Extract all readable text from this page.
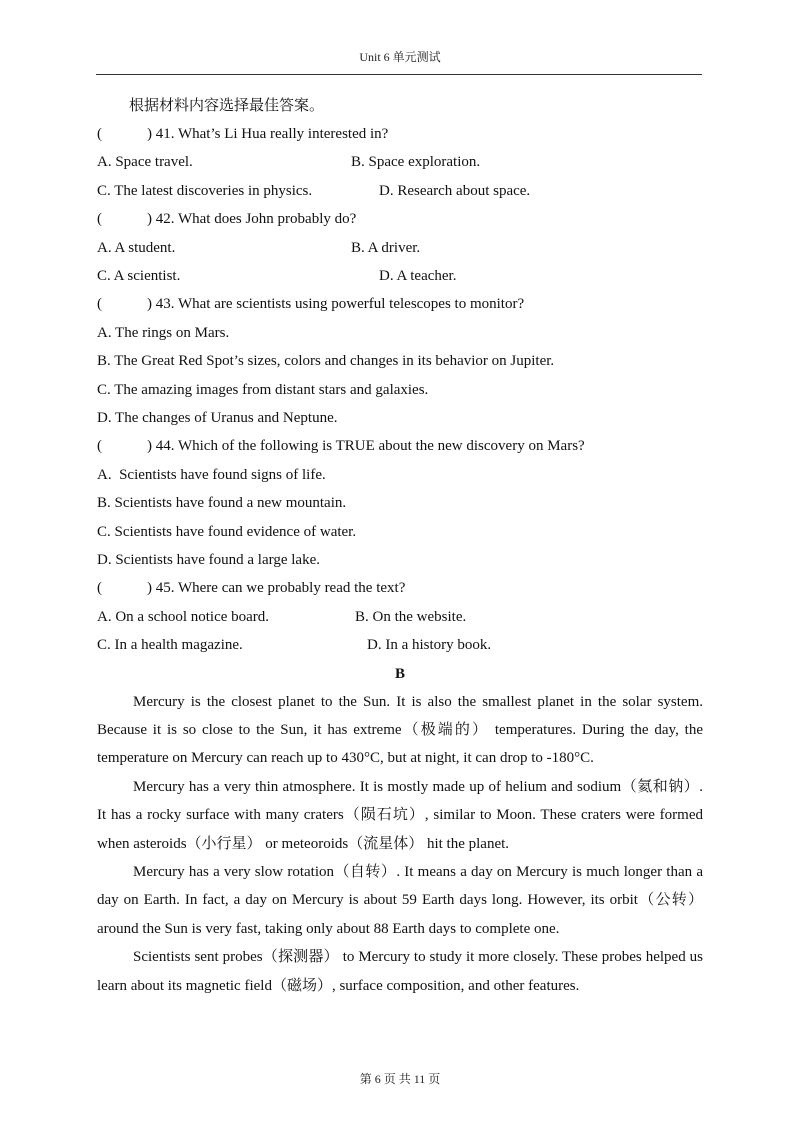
Unit 6 单元测试
根据材料内容选择最佳答案。
(            ) 41. What’s Li Hua really interested in?
A. Space travel.	B. Space exploration.
C. The latest discoveries in physics.	D. Research about space.
(            ) 42. What does John probably do?
A. A student.	B. A driver.
C. A scientist.	D. A teacher.
(            ) 43. What are scientists using powerful telescopes to monitor?
A. The rings on Mars.
B. The Great Red Spot’s sizes, colors and changes in its behavior on Jupiter.
C. The amazing images from distant stars and galaxies.
D. The changes of Uranus and Neptune.
(            ) 44. Which of the following is TRUE about the new discovery on Mars?
A.  Scientists have found signs of life.
B. Scientists have found a new mountain.
C. Scientists have found evidence of water.
D. Scientists have found a large lake.
(            ) 45. Where can we probably read the text?
A. On a school notice board.	B. On the website.
C. In a health magazine.	D. In a history book.
B

Mercury is the closest planet to the Sun. It is also the smallest planet in the solar system. Because it is so close to the Sun, it has extreme（极端的） temperatures. During the day, the temperature on Mercury can reach up to 430°C, but at night, it can drop to -180°C.

Mercury has a very thin atmosphere. It is mostly made up of helium and sodium（氦和钠）. It has a rocky surface with many craters（陨石坑）, similar to Moon. These craters were formed when asteroids（小行星） or meteoroids（流星体） hit the planet.

Mercury has a very slow rotation（自转）. It means a day on Mercury is much longer than a day on Earth. In fact, a day on Mercury is about 59 Earth days long. However, its orbit（公转） around the Sun is very fast, taking only about 88 Earth days to complete one.

Scientists sent probes（探测器） to Mercury to study it more closely. These probes helped us learn about its magnetic field（磁场）, surface composition, and other features.

第 6 页 共 11 页
